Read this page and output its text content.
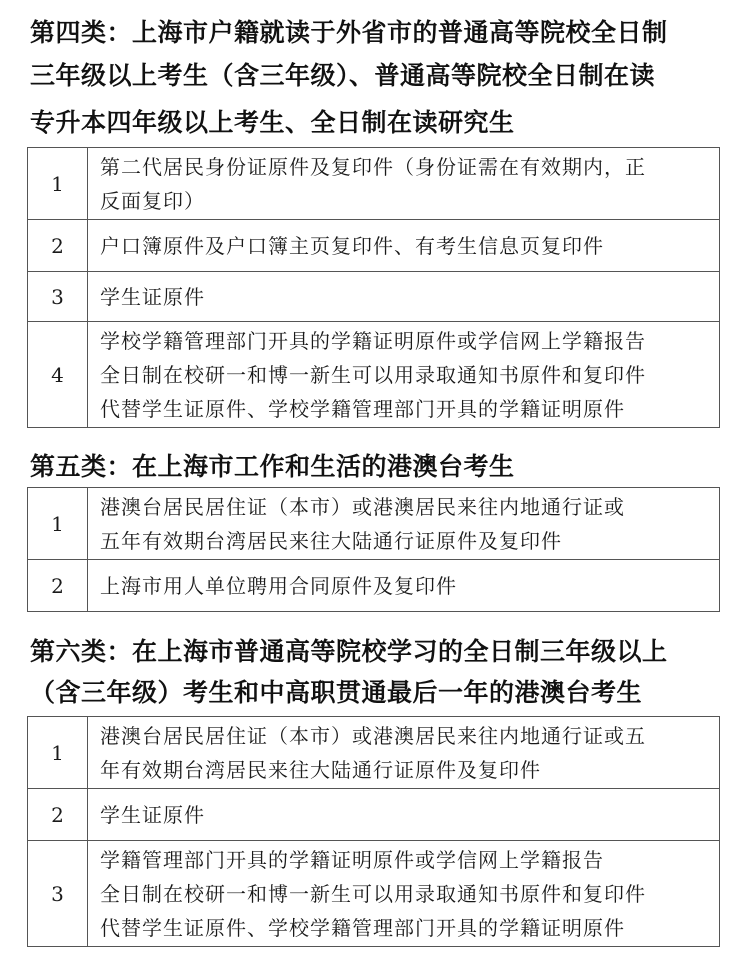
第四类：上海市户籍就读于外省市的普通高等院校全日制

三年级以上考生（含三年级）、普通高等院校全日制在读

专升本四年级以上考生、全日制在读研究生

1	第二代居民身份证原件及复印件（身份证需在有效期内，正
反面复印）

2	户口簿原件及户口簿主页复印件、有考生信息页复印件

3	学生证原件

4	学校学籍管理部门开具的学籍证明原件或学信网上学籍报告
全日制在校研一和博一新生可以用录取通知书原件和复印件
代替学生证原件、学校学籍管理部门开具的学籍证明原件

第五类：在上海市工作和生活的港澳台考生

1	港澳台居民居住证（本市）或港澳居民来往内地通行证或
五年有效期台湾居民来往大陆通行证原件及复印件

2	上海市用人单位聘用合同原件及复印件

第六类：在上海市普通高等院校学习的全日制三年级以上

（含三年级）考生和中高职贯通最后一年的港澳台考生

1	港澳台居民居住证（本市）或港澳居民来往内地通行证或五
年有效期台湾居民来往大陆通行证原件及复印件

2	学生证原件

3	学籍管理部门开具的学籍证明原件或学信网上学籍报告
全日制在校研一和博一新生可以用录取通知书原件和复印件
代替学生证原件、学校学籍管理部门开具的学籍证明原件
